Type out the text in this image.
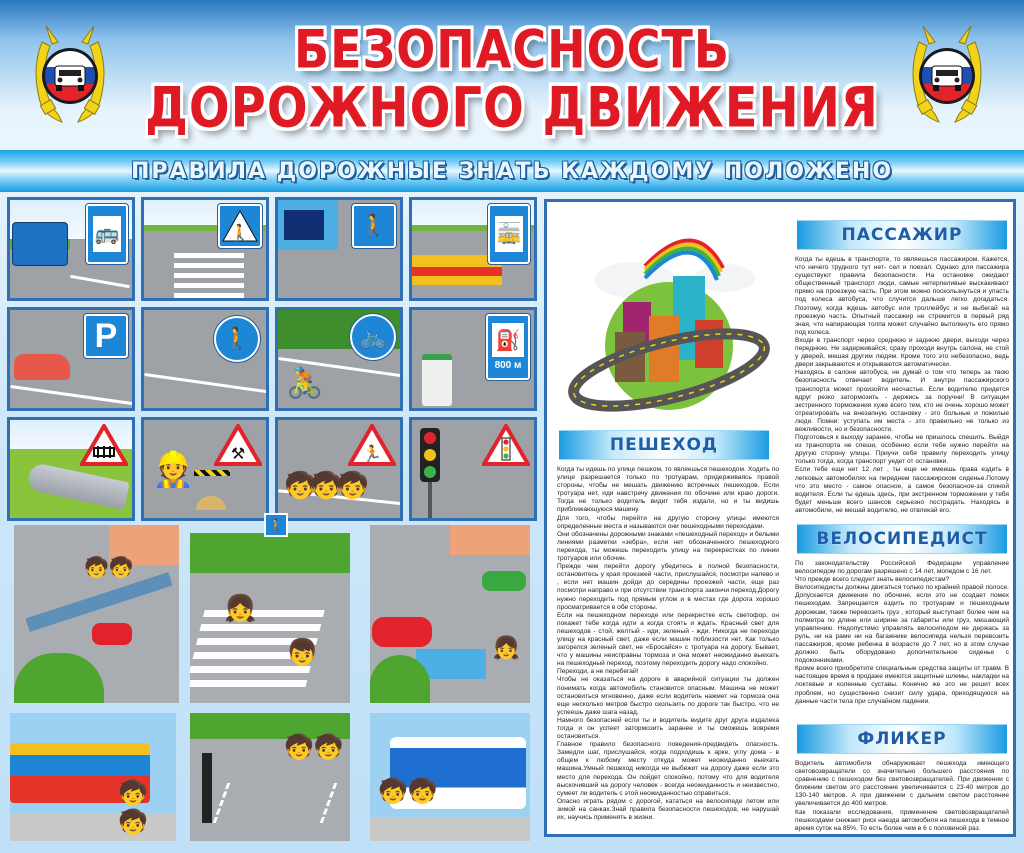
БЕЗОПАСНОСТЬ
ДОРОЖНОГО ДВИЖЕНИЯ
ПРАВИЛА ДОРОЖНЫЕ ЗНАТЬ КАЖДОМУ ПОЛОЖЕНО
🚌	🚶	🚶	🚋
P	🚶
🚴
🚲	⛽
800 м
👷 ⚒
🧒🧒🧒
🏃
🧒🧒
🚶
👧
👦	👧
🧒🧒
🧒🧒
🧒🧒
ПАССАЖИР

Когда ты едешь в транспорте, то являешься пассажиром. Кажется, что ничего трудного тут нет- сел и поехал. Однако для пассажира существуют правила безопасности. На остановке ожидают общественный транспорт люди, самые нетерпеливые выскакивают прямо на проезжую часть. При этом можно поскользнуться и упасть под колеса автобуса, что случится дальше легко догадаться. Поэтому, когда ждешь автобус или троллейбус и не выбегай на проезжую часть. Опытный пассажир не стремится в первый ряд зная, что напирающая толпа может случайно вытолкнуть его прямо под колеса.

Входи в транспорт через среднюю и заднюю двери, выходи через переднюю. Не задерживайся, сразу проходи внутрь салона, не стой у дверей, мешая другим людям. Кроме того это небезопасно, ведь двери закрываются и открываются автоматически.

Находясь в салоне автобуса, не думай о том что теперь за твою безопасность отвечает водитель. И внутри пассажирского транспорта может произойти несчастье. Если водителю придется вдруг резко затормозить - держись за поручни! В ситуации экстренного торможения хуже всего тем, кто не очень хорошо может отреагировать на внезапную остановку - это больные и пожилые люди. Помни: уступать им места - это правильно не только из вежливости, но и безопасности.

Подготовься к выходу заранее, чтобы не пришлось спешить. Выйдя из транспорта не спеши, особенно если тебе нужно перейти на другую сторону улицы. Приучи себя правилу переходить улицу только тогда, когда транспорт уедет от остановки.

Если тебе еще нет 12 лет , ты еще не имеешь права ездить в легковых автомобилях на переднем пассажирском сиденье.Потому что это место - самое опасное, а самое безопасное-за спиной водителя. Если ты едешь здесь, при экстренном торможении у тебя будет меньше всего шансов серьезно пострадать. Находясь в автомобиле, не мешай водителю, не отвлекай его.

ПЕШЕХОД

Когда ты идешь по улице пешком, то являешься пешеходом. Ходить по улице разрешается только по тротуарам, придерживаясь правой стороны, чтобы не мешать движению встречных пешеходов. Если тротуара нет, иди навстречу движения по обочине или краю дороги. Тогда не только водитель видит тебя издали, но и ты видишь приближающуюся машину.

Для того, чтобы перейти на другую сторону улицы имеются определенные места и называются они пешеходными переходами.

Они обозначены дорожными знаками «пешеходный переход» и белыми линиями разметки «зебра», если нет обозначенного пешеходного перехода, ты можешь переходить улицу на перекрестках по линии тротуаров или обочин.

Прежде чем перейти дорогу убедитесь в полной безопасности, остановитесь у края проезжей части, прислушайся, посмотри налево и , если нет машин дойди до середины проезжей части, еще раз посмотри направо и при отсутствии транспорта закончи переход.Дорогу нужно переходить под прямым углом и в местах где дорога хорошо просматривается в обе стороны.

Если на пешеходном переходе или перекрестке есть светофор, он покажет тебе когда идти а когда стоять и ждать. Красный свет для пешеходов - стой, желтый - иди, зеленый - жди. Никогда не переходи улицу на красный свет, даже если машин поблизости нет. Как только загорелся зеленый свет, не «Бросайся» с тротуара на дорогу. Бывает, что у машины неисправны тормоза и она может неожиданно выехать на пешеходный переход, поэтому переходить дорогу надо спокойно.

Переходи, а не перебегай!

Чтобы не оказаться на дороге в аварийной ситуации ты должен понимать когда автомобиль становится опасным. Машина не может остановиться мгновенно, даже если водитель нажмет на тормоза она еще несколько метров быстро скользить по дороге так быстро, что не успеешь даже шага назад.

Намного безопасней если ты и водитель видите друг друга издалека тогда и он успеет затормозить заранее и ты сможешь вовремя остановиться.

Главное правило безопасного поведения-предвидеть опасность. Замедли шаг, прислушайся, когда подходишь к арке, углу дома - в общем к любому месту откуда может неожиданно выехать машина.Умный пешеход никогда не выбежит на дорогу даже если это место для перехода. Он пойдет спокойно, потому что для водителя выскочивший на дорогу человек - всегда неожиданность и неизвестно, сумеет ли водитель с этой неожиданностью справиться.

Опасно играть рядом с дорогой, кататься на велосипеде летом или зимой на санках.Знай правила безопасности пешеходов, не нарушай их, научись применять в жизни.

ВЕЛОСИПЕДИСТ

По законодательству Российской Федерации управление велосипедом по дорогам разрешено с 14 лет, мопедом с 16 лет.

Что прежде всего следует знать велосипедистам?

Велосипедисты должны двигаться только по крайней правой полосе. Допускается движение по обочине, если это не создает помех пешеходам. Запрещается ездить по тротуарам и пешеходным дорожкам, также перевозить груз , который выступает более чем на полметра по длине или ширине за габариты или груз, мешающий управлению. Недопустимо управлять велосипедом не держась за руль, ни на раме ни на багажнике велосипеда нельзя перевозить пассажиров, кроме ребенка в возрасте до 7 лет, но в этом случае должно быть оборудовано дополнительное сиденье с подоконниками.

Кроме всего приобретите специальные средства защиты от травм. В настоящее время в продаже имеются защитные шлемы, накладки на локтевые и коленные суставы. Конечно же это не решит всех проблем, но существенно снизит силу удара, приходящуюся на данные части тела при случайном падении.

ФЛИКЕР

Водитель автомобиля обнаруживает пешехода имеющего световозвращатели со значительно большего расстояния по сравнению с пешеходом без световозвращателей. При движении с ближним светом это расстояние увеличивается с 23-40 метров до 130-140 метров. А при движении с дальним светом расстояние увеличивается до 400 метров.

Как показали исследования, применение световозвращателей пешеходами снижает риск наезда автомобиля на пешехода в темное время суток на 85%. То есть более чем в 6 с половиной раз.
